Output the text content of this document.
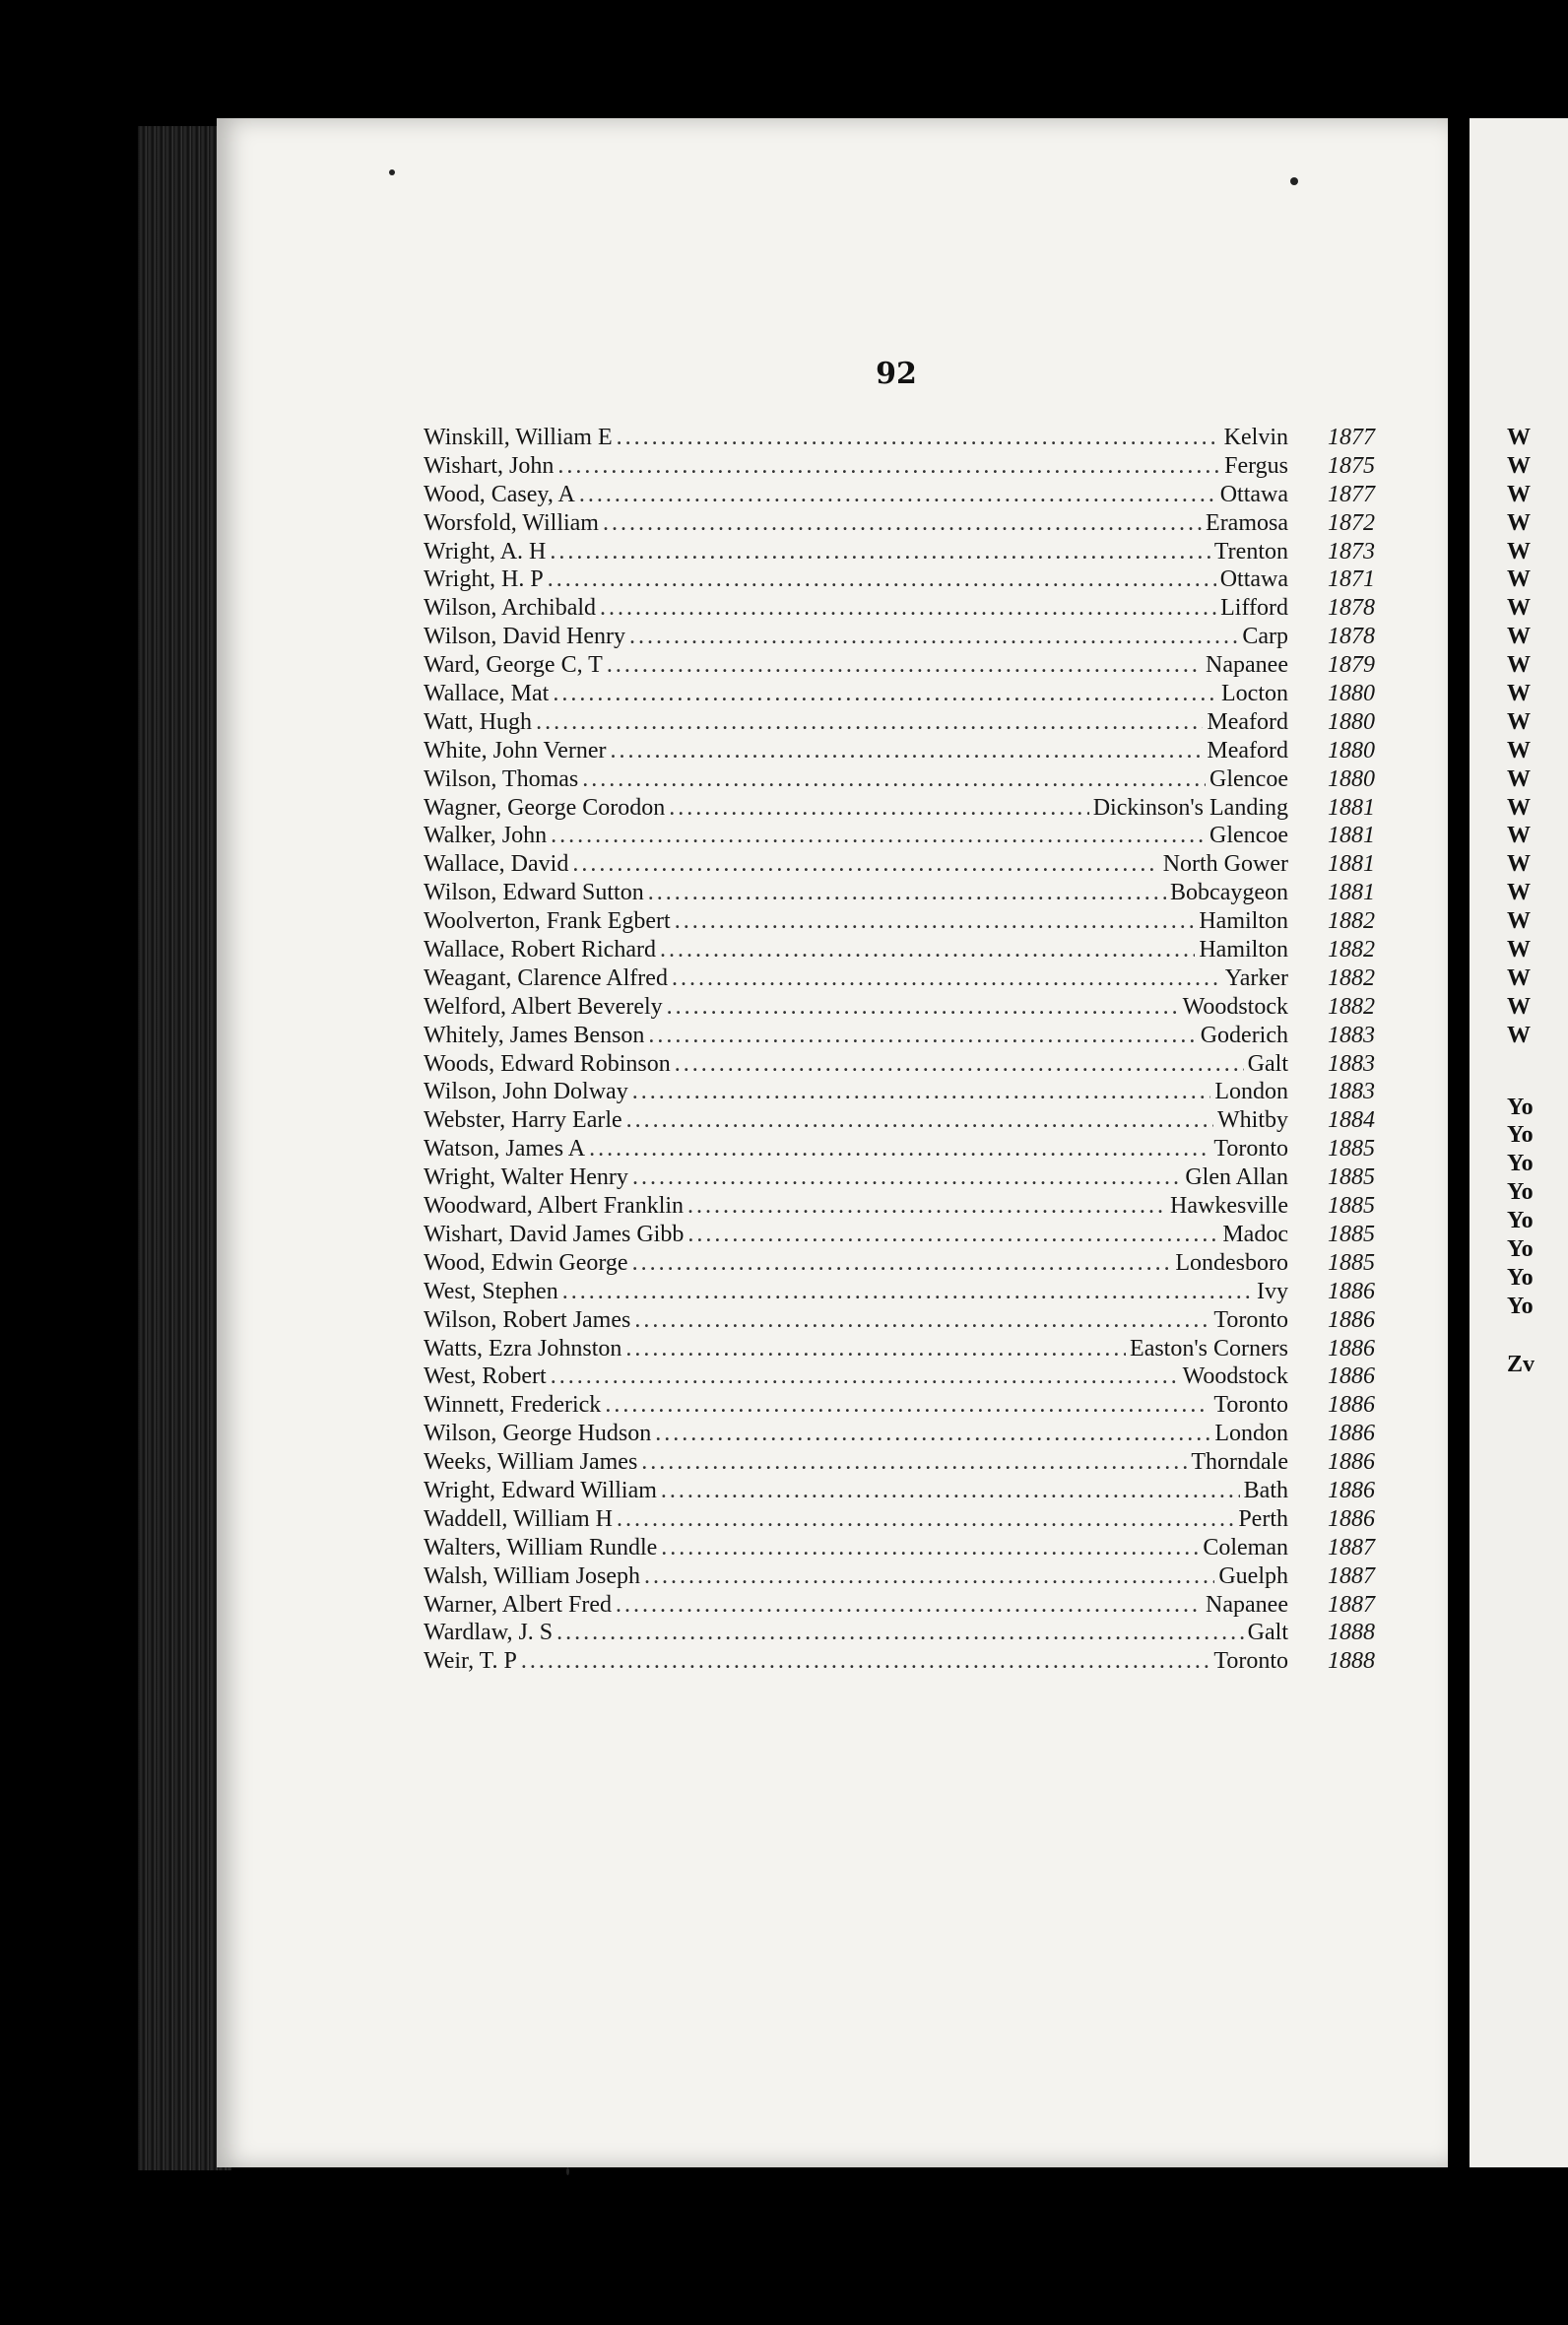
92
Winskill, William E .....	Kelvin	1877
Wishart, John .....	Fergus	1875
Wood, Casey, A .....	Ottawa	1877
Worsfold, William .....	Eramosa	1872
Wright, A. H .....	Trenton	1873
Wright, H. P .....	Ottawa	1871
Wilson, Archibald .....	Lifford	1878
Wilson, David Henry .....	Carp	1878
Ward, George C, T .....	Napanee	1879
Wallace, Mat .....	Locton	1880
Watt, Hugh .....	Meaford	1880
White, John Verner .....	Meaford	1880
Wilson, Thomas .....	Glencoe	1880
Wagner, George Corodon .....	Dickinson's Landing	1881
Walker, John .....	Glencoe	1881
Wallace, David .....	North Gower	1881
Wilson, Edward Sutton .....	Bobcaygeon	1881
Woolverton, Frank Egbert .....	Hamilton	1882
Wallace, Robert Richard .....	Hamilton	1882
Weagant, Clarence Alfred .....	Yarker	1882
Welford, Albert Beverely .....	Woodstock	1882
Whitely, James Benson .....	Goderich	1883
Woods, Edward Robinson .....	Galt	1883
Wilson, John Dolway .....	London	1883
Webster, Harry Earle .....	Whitby	1884
Watson, James A .....	Toronto	1885
Wright, Walter Henry .....	Glen Allan	1885
Woodward, Albert Franklin .....	Hawkesville	1885
Wishart, David James Gibb .....	Madoc	1885
Wood, Edwin George .....	Londesboro	1885
West, Stephen .....	Ivy	1886
Wilson, Robert James .....	Toronto	1886
Watts, Ezra Johnston .....	Easton's Corners	1886
West, Robert .....	Woodstock	1886
Winnett, Frederick .....	Toronto	1886
Wilson, George Hudson .....	London	1886
Weeks, William James .....	Thorndale	1886
Wright, Edward William .....	Bath	1886
Waddell, William H .....	Perth	1886
Walters, William Rundle .....	Coleman	1887
Walsh, William Joseph .....	Guelph	1887
Warner, Albert Fred .....	Napanee	1887
Wardlaw, J. S .....	Galt	1888
Weir, T. P .....	Toronto	1888
W
W
W
W
W
W
W
W
W
W
W
W
W
W
W
W
W
W
W
W
W
W
Yo
Yo
Yo
Yo
Yo
Yo
Yo
Yo
Zv
